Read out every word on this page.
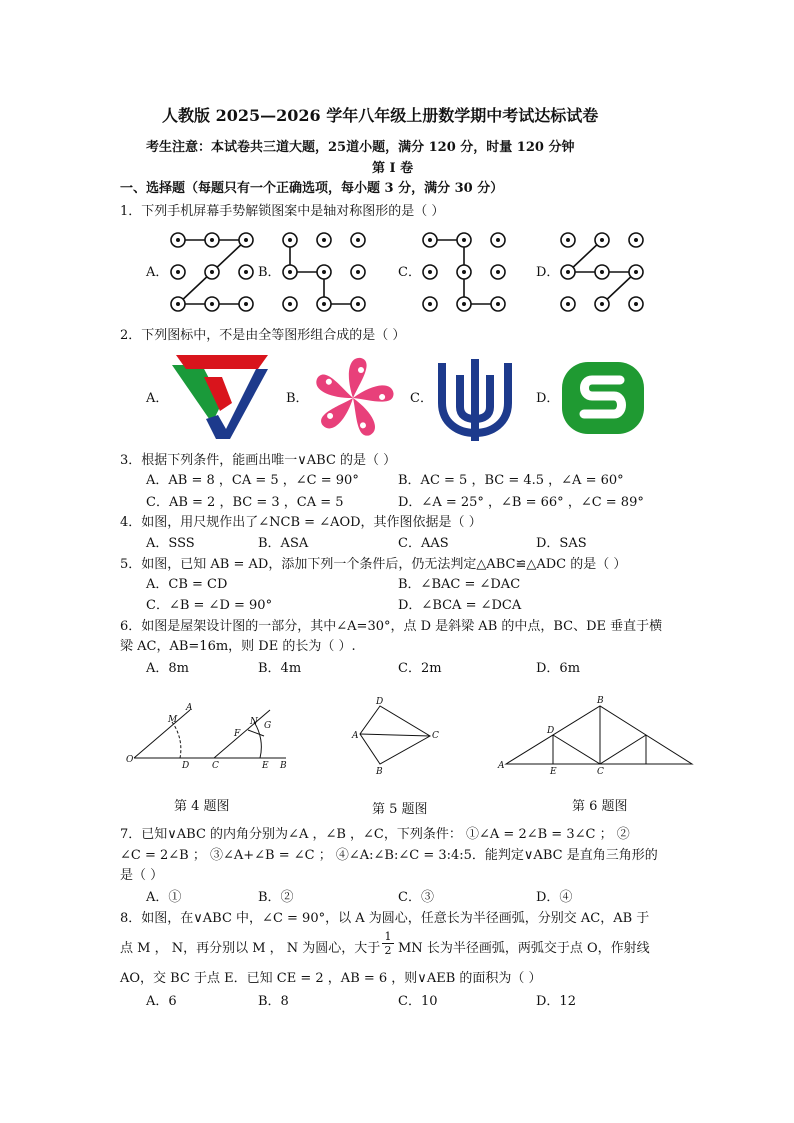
人教版 2025—2026 学年八年级上册数学期中考试达标试卷
考生注意：本试卷共三道大题，25道小题，满分 120 分，时量 120 分钟
第 I 卷
一、选择题（每题只有一个正确选项，每小题 3 分，满分 30 分）
1．下列手机屏幕手势解锁图案中是轴对称图形的是（ ）
A．	B．	C．	D．
2．下列图标中，不是由全等图形组合成的是（ ）
A．	B．	C．	D．
3．根据下列条件，能画出唯一∨ABC 的是（ ）
A．AB = 8 ，CA = 5 ，∠C = 90°	B．AC = 5 ，BC = 4.5 ，∠A = 60°
C．AB = 2 ，BC = 3 ，CA = 5	D．∠A = 25° ，∠B = 66° ，∠C = 89°
4．如图，用尺规作出了∠NCB = ∠AOD，其作图依据是（ ）
A．SSS	B．ASA	C．AAS	D．SAS
5．如图，已知 AB = AD，添加下列一个条件后，仍无法判定△ABC≌△ADC 的是（ ）
A．CB = CD	B．∠BAC = ∠DAC
C．∠B = ∠D = 90°	D．∠BCA = ∠DCA
6．如图是屋架设计图的一部分，其中∠A=30°，点 D 是斜梁 AB 的中点，BC、DE 垂直于横
梁 AC，AB=16m，则 DE 的长为（ ）.
A．8m	B．4m	C．2m	D．6m
O
D	C	E B
M
A
F
N G
第 4 题图
D
A
B
C
第 5 题图
A
B
D
E	C
第 6 题图
7．已知∨ABC 的内角分别为∠A ，∠B ，∠C，下列条件： ①∠A = 2∠B = 3∠C ； ②
∠C = 2∠B ； ③∠A+∠B = ∠C ； ④∠A:∠B:∠C = 3:4:5．能判定∨ABC 是直角三角形的
是（ ）
A．①	B．②	C．③	D．④
8．如图，在∨ABC 中，∠C = 90°，以 A 为圆心，任意长为半径画弧，分别交 AC，AB 于
点 M ， N，再分别以 M ， N 为圆心，大于 $\frac{1}{2}$ MN 长为半径画弧，两弧交于点 O，作射线
AO，交 BC 于点 E．已知 CE = 2 ，AB = 6 ，则∨AEB 的面积为（ ）
A．6	B．8	C．10	D．12
